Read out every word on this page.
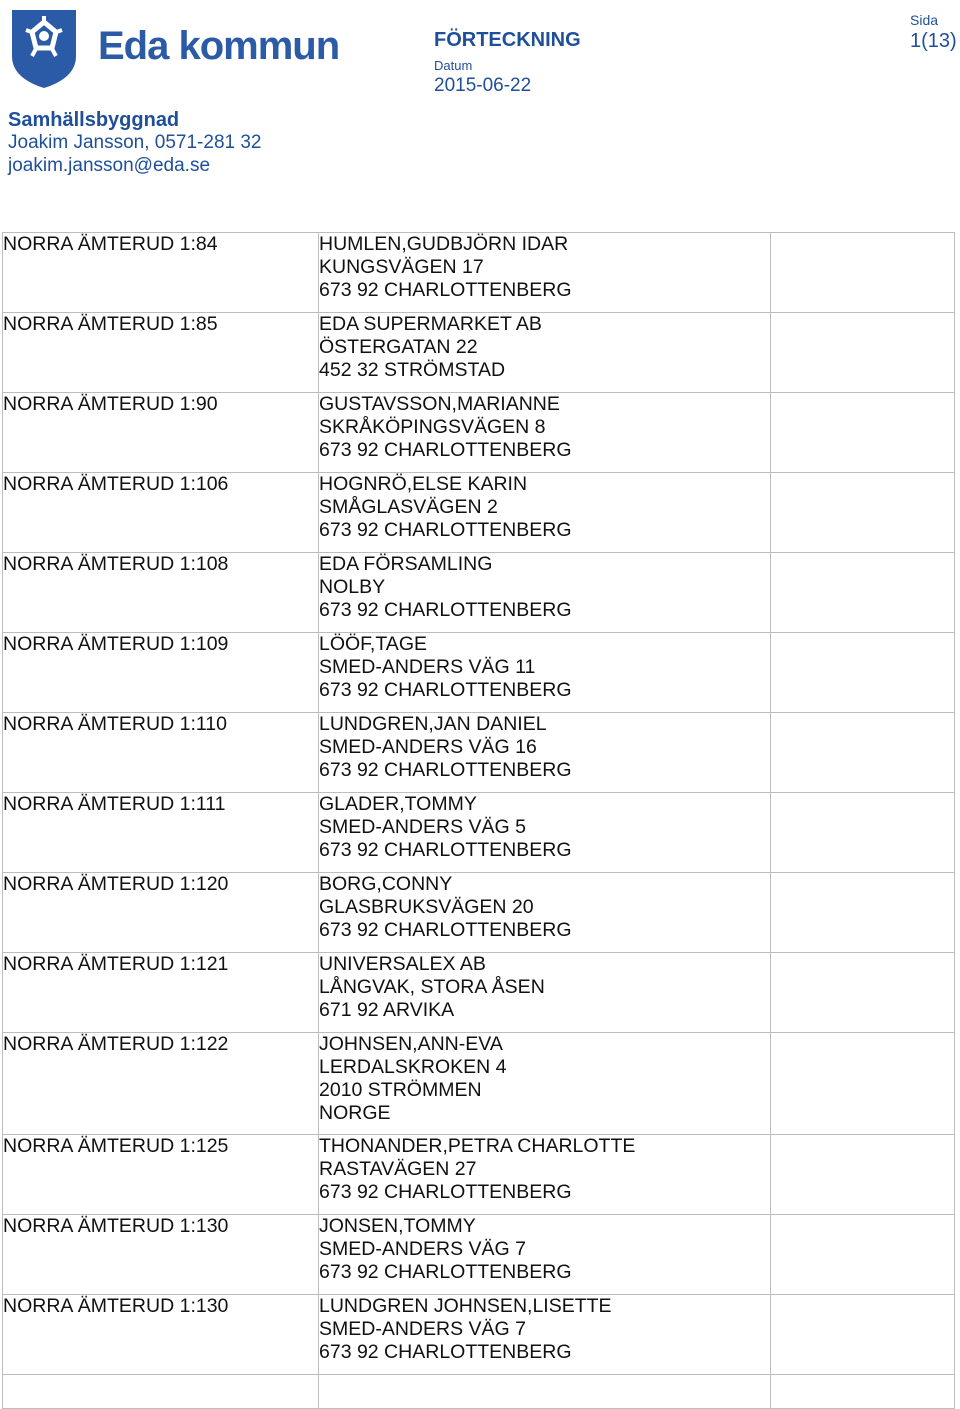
Eda kommun	FÖRTECKNING
Datum
2015-06-22
Sida
1(13)
Samhällsbyggnad
Joakim Jansson, 0571-281 32
joakim.jansson@eda.se
NORRA ÄMTERUD 1:84	HUMLEN,GUDBJÖRN IDAR
KUNGSVÄGEN 17
673 92 CHARLOTTENBERG	

NORRA ÄMTERUD 1:85	EDA SUPERMARKET AB
ÖSTERGATAN 22
452 32 STRÖMSTAD	

NORRA ÄMTERUD 1:90	GUSTAVSSON,MARIANNE
SKRÅKÖPINGSVÄGEN 8
673 92 CHARLOTTENBERG	

NORRA ÄMTERUD 1:106	HOGNRÖ,ELSE KARIN
SMÅGLASVÄGEN 2
673 92 CHARLOTTENBERG	

NORRA ÄMTERUD 1:108	EDA FÖRSAMLING
NOLBY
673 92 CHARLOTTENBERG	

NORRA ÄMTERUD 1:109	LÖÖF,TAGE
SMED-ANDERS VÄG 11
673 92 CHARLOTTENBERG	

NORRA ÄMTERUD 1:110	LUNDGREN,JAN DANIEL
SMED-ANDERS VÄG 16
673 92 CHARLOTTENBERG	

NORRA ÄMTERUD 1:111	GLADER,TOMMY
SMED-ANDERS VÄG 5
673 92 CHARLOTTENBERG	

NORRA ÄMTERUD 1:120	BORG,CONNY
GLASBRUKSVÄGEN 20
673 92 CHARLOTTENBERG	

NORRA ÄMTERUD 1:121	UNIVERSALEX AB
LÅNGVAK, STORA ÅSEN
671 92 ARVIKA	

NORRA ÄMTERUD 1:122	JOHNSEN,ANN-EVA
LERDALSKROKEN 4
2010 STRÖMMEN
NORGE	

NORRA ÄMTERUD 1:125	THONANDER,PETRA CHARLOTTE
RASTAVÄGEN 27
673 92 CHARLOTTENBERG	

NORRA ÄMTERUD 1:130	JONSEN,TOMMY
SMED-ANDERS VÄG 7
673 92 CHARLOTTENBERG	

NORRA ÄMTERUD 1:130	LUNDGREN JOHNSEN,LISETTE
SMED-ANDERS VÄG 7
673 92 CHARLOTTENBERG	
